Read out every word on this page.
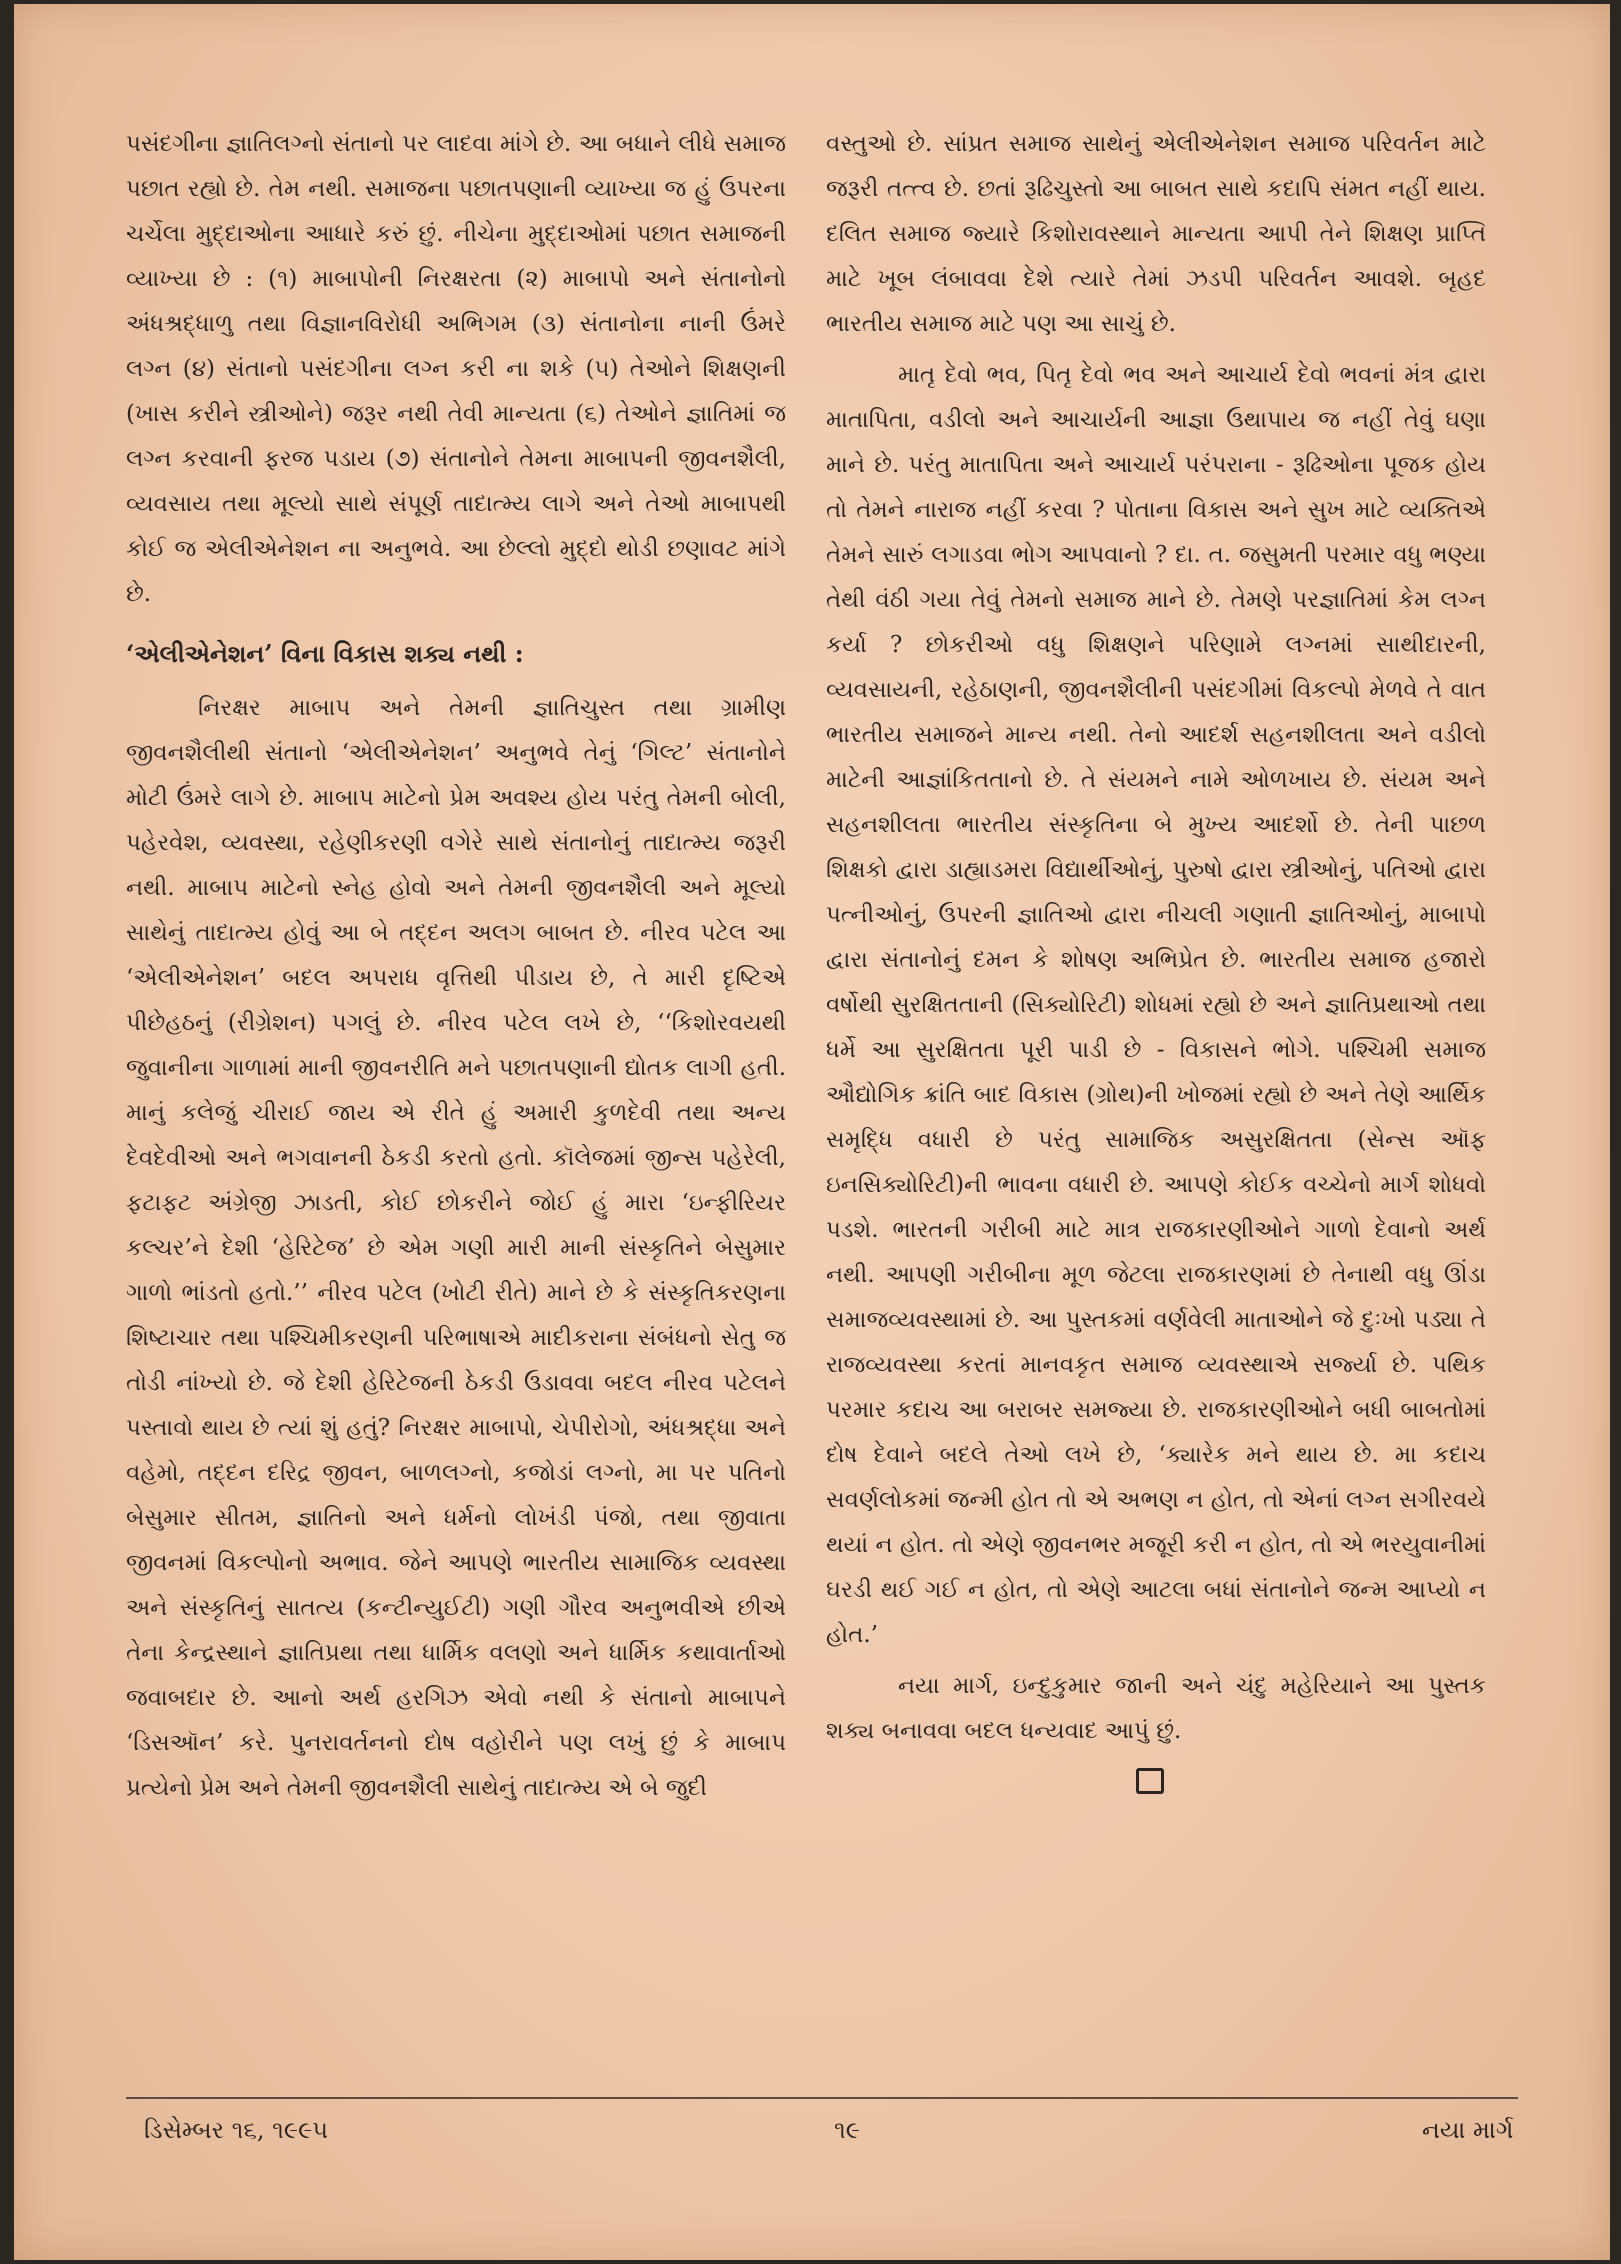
પસંદગીના જ્ઞાતિલગ્નો સંતાનો પર લાદવા માંગે છે. આ બધાને લીધે સમાજ પછાત રહ્યો છે. તેમ નથી. સમાજના પછાતપણાની વ્યાખ્યા જ હું ઉપરના ચર્ચેલા મુદ્દાઓના આધારે કરું છું. નીચેના મુદ્દાઓમાં પછાત સમાજની વ્યાખ્યા છે : (૧) માબાપોની નિરક્ષરતા (૨) માબાપો અને સંતાનોનો અંધશ્રદ્ધાળુ તથા વિજ્ઞાનવિરોધી અભિગમ (૩) સંતાનોના નાની ઉંમરે લગ્ન (૪) સંતાનો પસંદગીના લગ્ન કરી ના શકે (૫) તેઓને શિક્ષણની (ખાસ કરીને સ્ત્રીઓને) જરૂર નથી તેવી માન્યતા (૬) તેઓને જ્ઞાતિમાં જ લગ્ન કરવાની ફરજ પડાય (૭) સંતાનોને તેમના માબાપની જીવનશૈલી, વ્યવસાય તથા મૂલ્યો સાથે સંપૂર્ણ તાદાત્મ્ય લાગે અને તેઓ માબાપથી કોઈ જ એલીએનેશન ના અનુભવે. આ છેલ્લો મુદ્દો થોડી છણાવટ માંગે છે.

‘એલીએનેશન’ વિના વિકાસ શક્ય નથી :

નિરક્ષર માબાપ અને તેમની જ્ઞાતિચુસ્ત તથા ગ્રામીણ જીવનશૈલીથી સંતાનો ‘એલીએનેશન’ અનુભવે તેનું ‘ગિલ્ટ’ સંતાનોને મોટી ઉંમરે લાગે છે. માબાપ માટેનો પ્રેમ અવશ્ય હોય પરંતુ તેમની બોલી, પહેરવેશ, વ્યવસ્થા, રહેણીકરણી વગેરે સાથે સંતાનોનું તાદાત્મ્ય જરૂરી નથી. માબાપ માટેનો સ્નેહ હોવો અને તેમની જીવનશૈલી અને મૂલ્યો સાથેનું તાદાત્મ્ય હોવું આ બે તદ્દન અલગ બાબત છે. નીરવ પટેલ આ ‘એલીએનેશન’ બદલ અપરાધ વૃત્તિથી પીડાય છે, તે મારી દૃષ્ટિએ પીછેહઠનું (રીગ્રેશન) પગલું છે. નીરવ પટેલ લખે છે, ‘‘કિશોરવયથી જુવાનીના ગાળામાં માની જીવનરીતિ મને પછાતપણાની દ્યોતક લાગી હતી. માનું કલેજું ચીરાઈ જાય એ રીતે હું અમારી કુળદેવી તથા અન્ય દેવદેવીઓ અને ભગવાનની ઠેકડી કરતો હતો. કૉલેજમાં જીન્સ પહેરેલી, ફટાફટ અંગ્રેજી ઝાડતી, કોઈ છોકરીને જોઈ હું મારા ‘ઇન્ફીરિયર કલ્ચર’ને દેશી ‘હેરિટેજ’ છે એમ ગણી મારી માની સંસ્કૃતિને બેસુમાર ગાળો ભાંડતો હતો.’’ નીરવ પટેલ (ખોટી રીતે) માને છે કે સંસ્કૃતિકરણના શિષ્ટાચાર તથા પશ્ચિમીકરણની પરિભાષાએ માદીકરાના સંબંધનો સેતુ જ તોડી નાંખ્યો છે. જે દેશી હેરિટેજની ઠેકડી ઉડાવવા બદલ નીરવ પટેલને પસ્તાવો થાય છે ત્યાં શું હતું? નિરક્ષર માબાપો, ચેપીરોગો, અંધશ્રદ્ધા અને વહેમો, તદ્દન દરિદ્ર જીવન, બાળલગ્નો, કજોડાં લગ્નો, મા પર પતિનો બેસુમાર સીતમ, જ્ઞાતિનો અને ધર્મનો લોખંડી પંજો, તથા જીવાતા જીવનમાં વિકલ્પોનો અભાવ. જેને આપણે ભારતીય સામાજિક વ્યવસ્થા અને સંસ્કૃતિનું સાતત્ય (કન્ટીન્યુઈટી) ગણી ગૌરવ અનુભવીએ છીએ તેના કેન્દ્રસ્થાને જ્ઞાતિપ્રથા તથા ધાર્મિક વલણો અને ધાર્મિક કથાવાર્તાઓ જવાબદાર છે. આનો અર્થ હરગિઝ એવો નથી કે સંતાનો માબાપને ‘ડિસઑન’ કરે. પુનરાવર્તનનો દોષ વહોરીને પણ લખું છું કે માબાપ પ્રત્યેનો પ્રેમ અને તેમની જીવનશૈલી સાથેનું તાદાત્મ્ય એ બે જુદી

વસ્તુઓ છે. સાંપ્રત સમાજ સાથેનું એલીએનેશન સમાજ પરિવર્તન માટે જરૂરી તત્ત્વ છે. છતાં રૂઢિચુસ્તો આ બાબત સાથે કદાપિ સંમત નહીં થાય. દલિત સમાજ જ્યારે કિશોરાવસ્થાને માન્યતા આપી તેને શિક્ષણ પ્રાપ્તિ માટે ખૂબ લંબાવવા દેશે ત્યારે તેમાં ઝડપી પરિવર્તન આવશે. બૃહદ ભારતીય સમાજ માટે પણ આ સાચું છે.

માતૃ દેવો ભવ, પિતૃ દેવો ભવ અને આચાર્ય દેવો ભવનાં મંત્ર દ્વારા માતાપિતા, વડીલો અને આચાર્યની આજ્ઞા ઉથાપાય જ નહીં તેવું ઘણા માને છે. પરંતુ માતાપિતા અને આચાર્ય પરંપરાના - રૂઢિઓના પૂજક હોય તો તેમને નારાજ નહીં કરવા ? પોતાના વિકાસ અને સુખ માટે વ્યક્તિએ તેમને સારું લગાડવા ભોગ આપવાનો ? દા. ત. જસુમતી પરમાર વધુ ભણ્યા તેથી વંઠી ગયા તેવું તેમનો સમાજ માને છે. તેમણે પરજ્ઞાતિમાં કેમ લગ્ન કર્યા ? છોકરીઓ વધુ શિક્ષણને પરિણામે લગ્નમાં સાથીદારની, વ્યવસાયની, રહેઠાણની, જીવનશૈલીની પસંદગીમાં વિકલ્પો મેળવે તે વાત ભારતીય સમાજને માન્ય નથી. તેનો આદર્શ સહનશીલતા અને વડીલો માટેની આજ્ઞાંકિતતાનો છે. તે સંયમને નામે ઓળખાય છે. સંયમ અને સહનશીલતા ભારતીય સંસ્કૃતિના બે મુખ્ય આદર્શો છે. તેની પાછળ શિક્ષકો દ્વારા ડાહ્યાડમરા વિદ્યાર્થીઓનું, પુરુષો દ્વારા સ્ત્રીઓનું, પતિઓ દ્વારા પત્નીઓનું, ઉપરની જ્ઞાતિઓ દ્વારા નીચલી ગણાતી જ્ઞાતિઓનું, માબાપો દ્વારા સંતાનોનું દમન કે શોષણ અભિપ્રેત છે. ભારતીય સમાજ હજારો વર્ષોથી સુરક્ષિતતાની (સિક્યોરિટી) શોધમાં રહ્યો છે અને જ્ઞાતિપ્રથાઓ તથા ધર્મે આ સુરક્ષિતતા પૂરી પાડી છે - વિકાસને ભોગે. પશ્ચિમી સમાજ ઔદ્યોગિક ક્રાંતિ બાદ વિકાસ (ગ્રોથ)ની ખોજમાં રહ્યો છે અને તેણે આર્થિક સમૃદ્ધિ વધારી છે પરંતુ સામાજિક અસુરક્ષિતતા (સેન્સ ઑફ ઇનસિક્યોરિટી)ની ભાવના વધારી છે. આપણે કોઈક વચ્ચેનો માર્ગ શોધવો પડશે. ભારતની ગરીબી માટે માત્ર રાજકારણીઓને ગાળો દેવાનો અર્થ નથી. આપણી ગરીબીના મૂળ જેટલા રાજકારણમાં છે તેનાથી વધુ ઊંડા સમાજવ્યવસ્થામાં છે. આ પુસ્તકમાં વર્ણવેલી માતાઓને જે દુઃખો પડ્યા તે રાજવ્યવસ્થા કરતાં માનવકૃત સમાજ વ્યવસ્થાએ સર્જ્યા છે. પથિક પરમાર કદાચ આ બરાબર સમજ્યા છે. રાજકારણીઓને બધી બાબતોમાં દોષ દેવાને બદલે તેઓ લખે છે, ‘ક્યારેક મને થાય છે. મા કદાચ સવર્ણલોકમાં જન્મી હોત તો એ અભણ ન હોત, તો એનાં લગ્ન સગીરવયે થયાં ન હોત. તો એણે જીવનભર મજૂરી કરી ન હોત, તો એ ભરયુવાનીમાં ઘરડી થઈ ગઈ ન હોત, તો એણે આટલા બધાં સંતાનોને જન્મ આપ્યો ન હોત.’

નયા માર્ગ, ઇન્દુકુમાર જાની અને ચંદુ મહેરિયાને આ પુસ્તક શક્ય બનાવવા બદલ ધન્યવાદ આપું છું.

ડિસેમ્બર ૧૬, ૧૯૯૫	૧૯	નયા માર્ગ
